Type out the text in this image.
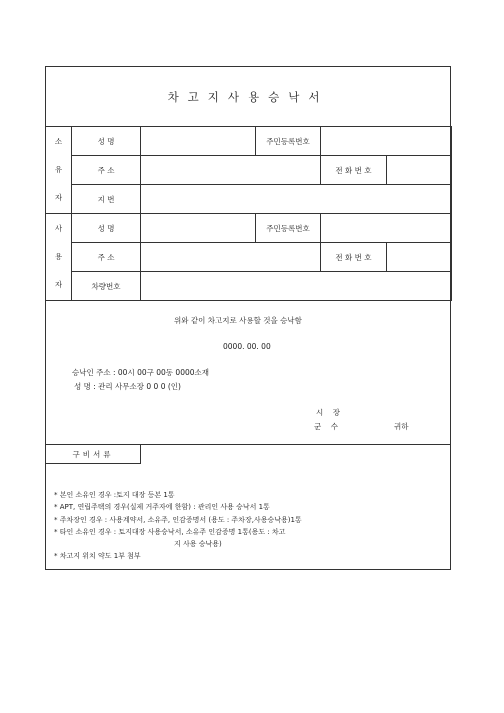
차고지사용승낙서
소
유
자	성 명		주민등록번호		
	주 소			전 화 번 호	
	지 번				

사
용
자	성 명		주민등록번호		
	주 소			전 화 번 호	
	차량번호				
위와 같이 차고지로 사용할 것을 승낙함
0000. 00. 00
승낙인 주소 : 00시 00구 00동 0000소재
성 명 : 관리 사무소장 0 0 0 (인)
시    장
군    수	귀하
구비서류
* 본인 소유인 경우 :토지 대장 등본 1통
* APT, 연립주택의 경우(실제 거주자에 한함) : 관리인 사용 승낙서 1통
* 주차장인 경우 : 사용계약서, 소유주, 인감증명서 (용도 : 주차장,사용승낙용)1통
* 타인 소유인 경우 : 토지대장 사용승낙서, 소유주 인감증명 1통(용도 : 차고
지 사용 승낙용)
* 차고지 위치 약도 1부 첨부
